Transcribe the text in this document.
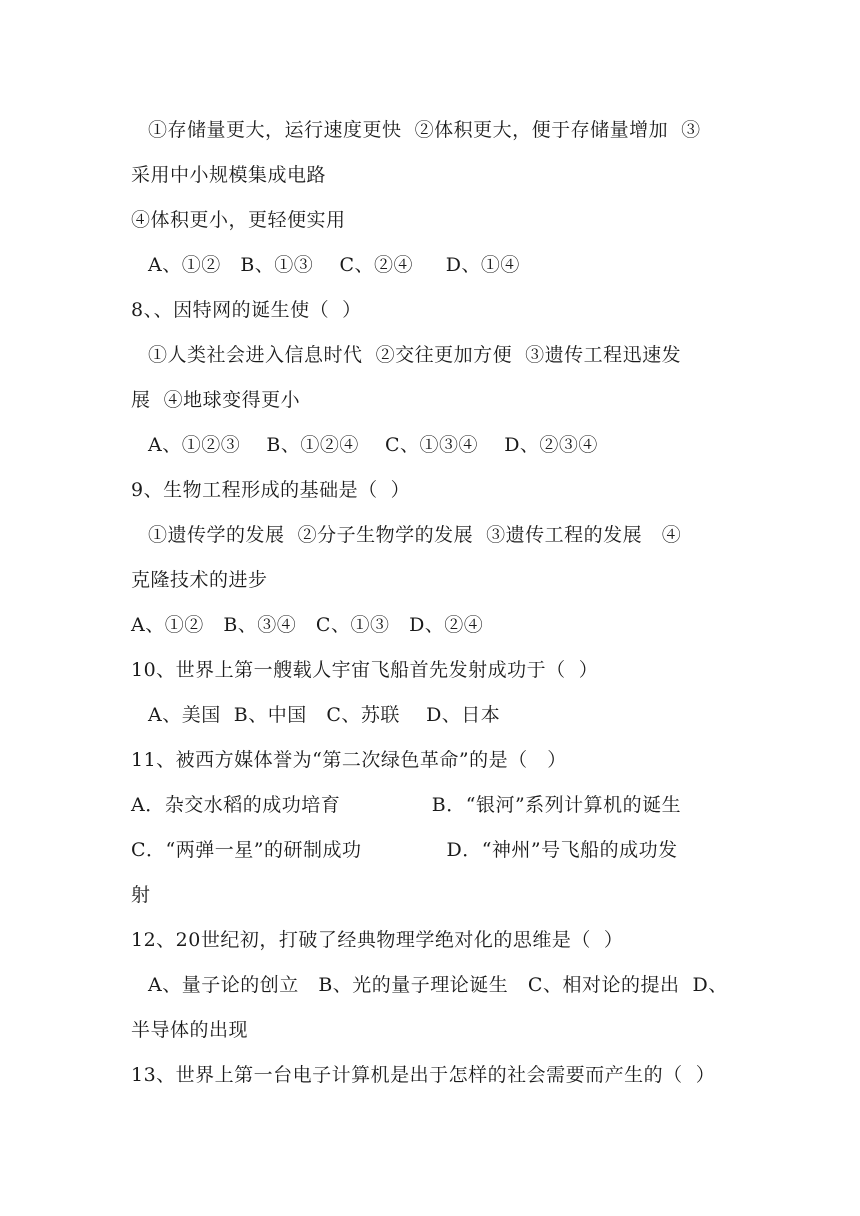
①存储量更大，运行速度更快  ②体积更大，便于存储量增加  ③
采用中小规模集成电路
④体积更小，更轻便实用
A、①②   B、①③    C、②④     D、①④
8、、因特网的诞生使（  ）
①人类社会进入信息时代  ②交往更加方便  ③遗传工程迅速发
展  ④地球变得更小
A、①②③    B、①②④    C、①③④    D、②③④
9、生物工程形成的基础是（  ）
①遗传学的发展  ②分子生物学的发展  ③遗传工程的发展   ④
克隆技术的进步
A、①②   B、③④   C、①③   D、②④
10、世界上第一艘载人宇宙飞船首先发射成功于（  ）
A、美国  B、中国   C、苏联    D、日本
11、被西方媒体誉为“第二次绿色革命”的是（   ）
A．杂交水稻的成功培育              B．“银河”系列计算机的诞生
C．“两弹一星”的研制成功             D．“神州”号飞船的成功发
射
12、20世纪初，打破了经典物理学绝对化的思维是（  ）
A、量子论的创立   B、光的量子理论诞生   C、相对论的提出  D、
半导体的出现
13、世界上第一台电子计算机是出于怎样的社会需要而产生的（  ）
